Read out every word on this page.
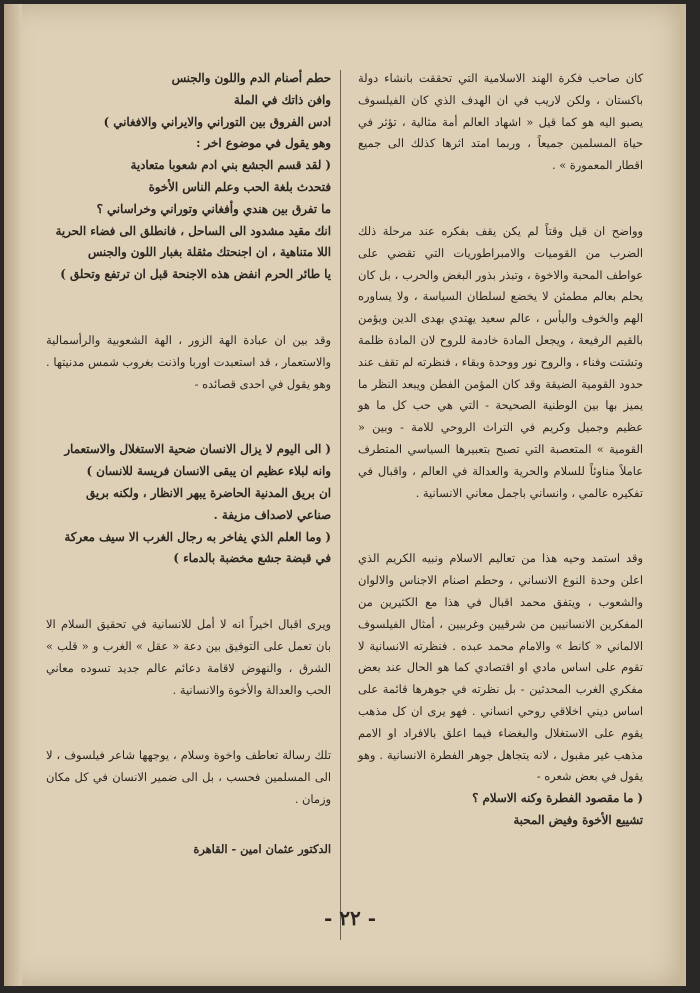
كان صاحب فكرة الهند الاسلامية التي تحققت بانشاء دولة باكستان ، ولكن لاريب في ان الهدف الذي كان الفيلسوف يصبو اليه هو كما قيل « اشهاد العالم أمة مثالية ، تؤثر في حياة المسلمين جميعاً ، وربما امتد اثرها كذلك الى جميع اقطار المعمورة » .

وواضح ان قيل وقتاً لم يكن يقف بفكره عند مرحلة ذلك الضرب من القوميات والامبراطوريات التي تقضي على عواطف المحبة والاخوة ، وتبذر بذور البغض والحرب ، بل كان يحلم بعالم مطمئن لا يخضع لسلطان السياسة ، ولا يساوره الهم والخوف واليأس ، عالم سعيد يهتدي بهدى الدين ويؤمن بالقيم الرفيعة ، ويجعل المادة خادمة للروح لان المادة ظلمة وتشتت وفناء ، والروح نور ووحدة وبقاء ، فنظرته لم تقف عند حدود القومية الضيقة وقد كان المؤمن الفطن ويبعد النظر ما يميز بها بين الوطنية الصحيحة - التي هي حب كل ما هو عظيم وجميل وكريم في التراث الروحي للامة - وبين « القومية » المتعصبة التي تصبح بتعبيرها السياسي المتطرف عاملاً مناوئاً للسلام والحرية والعدالة في العالم ، واقبال في تفكيره عالمي ، وانساني باجمل معاني الانسانية .

وقد استمد وحيه هذا من تعاليم الاسلام ونبيه الكريم الذي اعلن وحدة النوع الانساني ، وحطم اصنام الاجناس والالوان والشعوب ، ويتفق محمد اقبال في هذا مع الكثيرين من المفكرين الانسانيين من شرقيين وغربيين ، أمثال الفيلسوف الالماني « كانط » والامام محمد عبده . فنظرته الانسانية لا تقوم على اساس مادي او اقتصادي كما هو الحال عند بعض مفكري الغرب المحدثين - بل نظرته في جوهرها قائمة على اساس ديني اخلاقي روحي انساني . فهو يرى ان كل مذهب يقوم على الاستغلال والبغضاء فيما اعلق بالافراد او الامم مذهب غير مقبول ، لانه يتجاهل جوهر الفطرة الانسانية . وهو يقول في بعض شعره -

( ما مقصود الفطرة وكنه الاسلام ؟

تشييع الأخوة وفيض المحبة

حطم أصنام الدم واللون والجنس

وافن ذاتك في الملة

ادس الفروق بين التوراني والايراني والافغاني )

وهو يقول في موضوع اخر :

( لقد قسم الجشع بني ادم شعوبا متعادية

فتحدث بلغة الحب وعلم الناس الأخوة

ما تفرق بين هندي وأفغاني وتوراني وخراساني ؟

انك مقيد مشدود الى الساحل ، فانطلق الى فضاء الحرية

اللا متناهية ، ان اجنحتك مثقلة بغبار اللون والجنس

يا طائر الحرم انفض هذه الاجنحة قبل ان ترتفع وتحلق )

وقد بين ان عبادة الهة الزور ، الهة الشعوبية والرأسمالية والاستعمار ، قد استعبدت اوربا واذنت بغروب شمس مدنيتها . وهو يقول في احدى قصائده -

( الى اليوم لا يزال الانسان ضحية الاستغلال والاستعمار

وانه لبلاء عظيم ان يبقى الانسان فريسة للانسان )

ان بريق المدنية الحاضرة يبهر الانظار ، ولكنه بريق

صناعي لاصداف مزيفة .

( وما العلم الذي يفاخر به رجال الغرب الا سيف معركة

في قبضة جشع مخضبة بالدماء )

ويرى اقبال اخيراً انه لا أمل للانسانية في تحقيق السلام الا بان تعمل على التوفيق بين دعة « عقل » الغرب و « قلب » الشرق ، والنهوض لاقامة دعائم عالم جديد تسوده معاني الحب والعدالة والأخوة والانسانية .

تلك رسالة تعاطف واخوة وسلام ، يوجهها شاعر فيلسوف ، لا الى المسلمين فحسب ، بل الى ضمير الانسان في كل مكان وزمان .

الدكتور عثمان امين - القاهرة

- ٢٢ -
